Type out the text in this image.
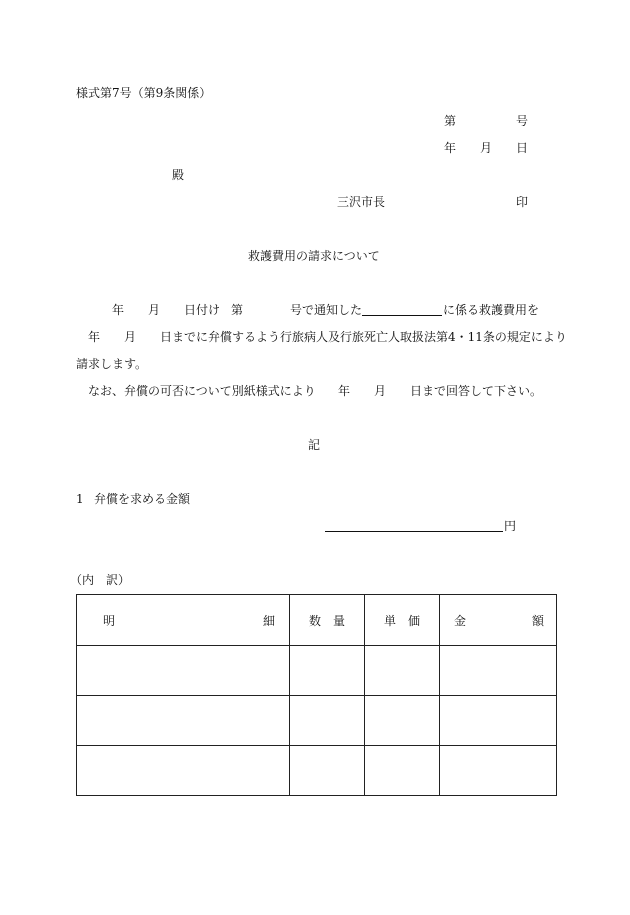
様式第7号（第9条関係）
第	号
年 月 日
殿
三沢市長	印
救護費用の請求について
年 月 日付け 第	号で通知した	に係る救護費用を
年 月 日までに弁償するよう行旅病人及行旅死亡人取扱法第4・11条の規定により
請求します。
なお、弁償の可否について別紙様式により 年 月 日まで回答して下さい。
記
1 弁償を求める金額
円
（内　訳）
明 細	数　量	単　価	金 額
